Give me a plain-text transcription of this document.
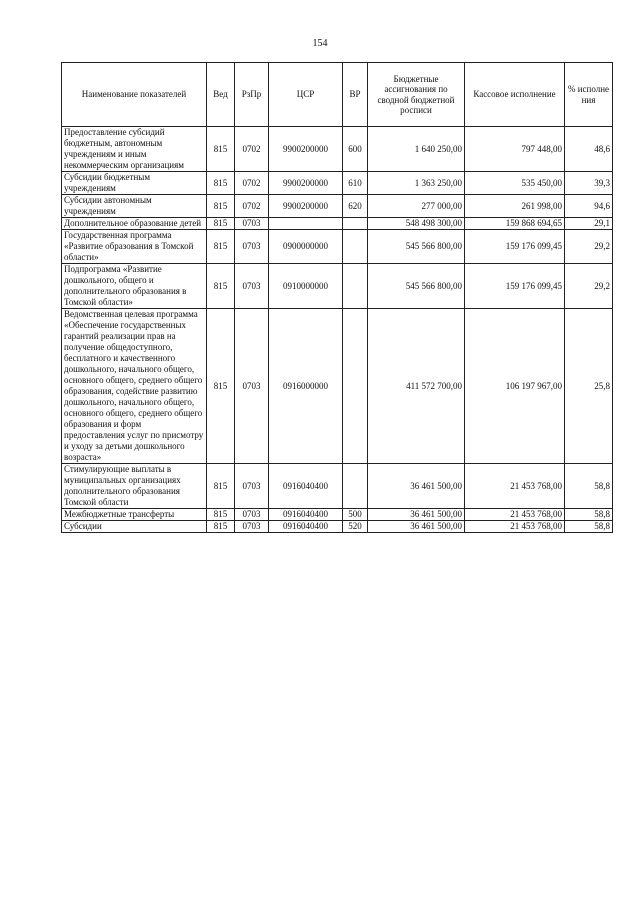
154
Наименование показателей	Вед	РзПр	ЦСР	ВР	Бюджетные ассигнования по сводной бюджетной росписи	Кассовое исполнение	% исполне ния
Предоставление субсидий бюджетным, автономным учреждениям и иным некоммерческим организациям	815	0702	9900200000	600	1 640 250,00	797 448,00	48,6
Субсидии бюджетным учреждениям	815	0702	9900200000	610	1 363 250,00	535 450,00	39,3
Субсидии автономным учреждениям	815	0702	9900200000	620	277 000,00	261 998,00	94,6
Дополнительное образование детей	815	0703			548 498 300,00	159 868 694,65	29,1
Государственная программа «Развитие образования в Томской области»	815	0703	0900000000		545 566 800,00	159 176 099,45	29,2
Подпрограмма «Развитие дошкольного, общего и дополнительного образования в Томской области»	815	0703	0910000000		545 566 800,00	159 176 099,45	29,2
Ведомственная целевая программа «Обеспечение государственных гарантий реализации прав на получение общедоступного, бесплатного и качественного дошкольного, начального общего, основного общего, среднего общего образования, содействие развитию дошкольного, начального общего, основного общего, среднего общего образования и форм предоставления услуг по присмотру и уходу за детьми дошкольного возраста»	815	0703	0916000000		411 572 700,00	106 197 967,00	25,8
Стимулирующие выплаты в муниципальных организациях дополнительного образования Томской области	815	0703	0916040400		36 461 500,00	21 453 768,00	58,8
Межбюджетные трансферты	815	0703	0916040400	500	36 461 500,00	21 453 768,00	58,8
Субсидии	815	0703	0916040400	520	36 461 500,00	21 453 768,00	58,8
